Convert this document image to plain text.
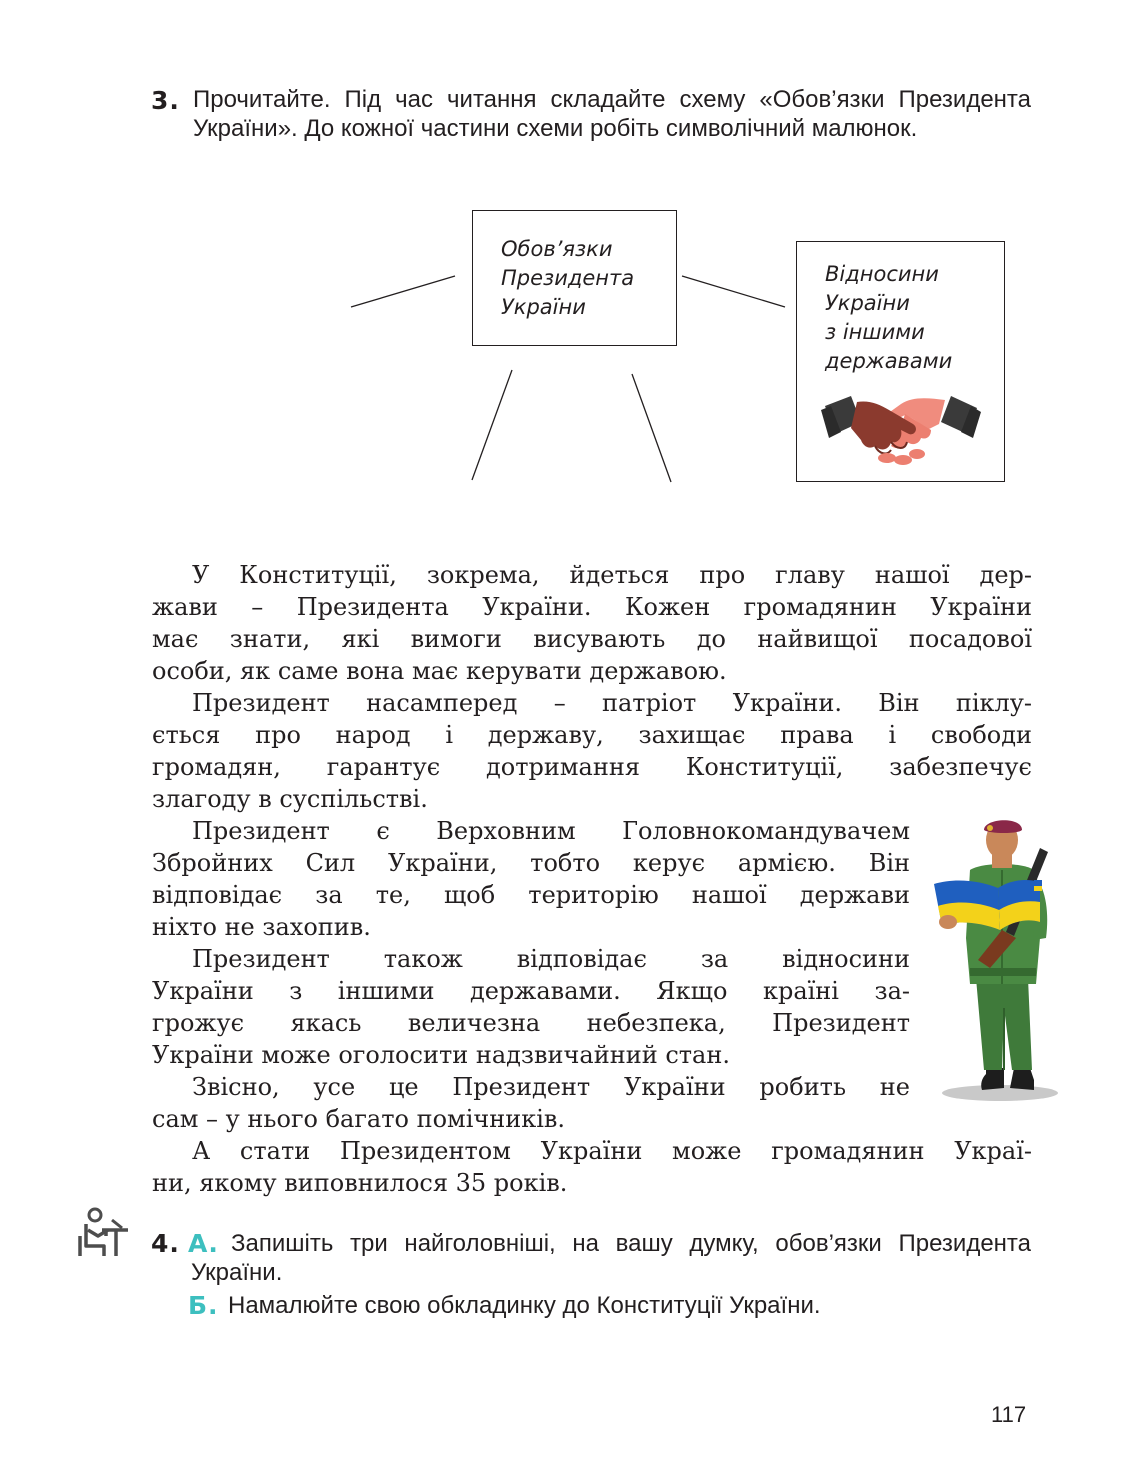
3. Прочитайте. Під час читання складайте схему «Обов’язки Президента України». До кожної частини схеми робіть символічний малюнок.
Обов’язки
Президента
України
Відносини
України
з іншими
державами

У Конституції, зокрема, йдеться про главу нашої дер-

жави – Президента України. Кожен громадянин України

має знати, які вимоги висувають до найвищої посадової

особи, як саме вона має керувати державою.

Президент насамперед – патріот України. Він піклу-

ється про народ і державу, захищає права і свободи

громадян, гарантує дотримання Конституції, забезпечує

злагоду в суспільстві.

Президент є Верховним Головнокомандувачем

Збройних Сил України, тобто керує армією. Він

відповідає за те, щоб територію нашої держави

ніхто не захопив.

Президент також відповідає за відносини

України з іншими державами. Якщо країні за-

грожує якась величезна небезпека, Президент

України може оголосити надзвичайний стан.

Звісно, усе це Президент України робить не

сам – у нього багато помічників.

А стати Президентом України може громадянин Украї-

ни, якому виповнилося 35 років.

4. А. Запишіть три найголовніші, на вашу думку, обов’язки Президента України.
Б. Намалюйте свою обкладинку до Конституції України.
117
